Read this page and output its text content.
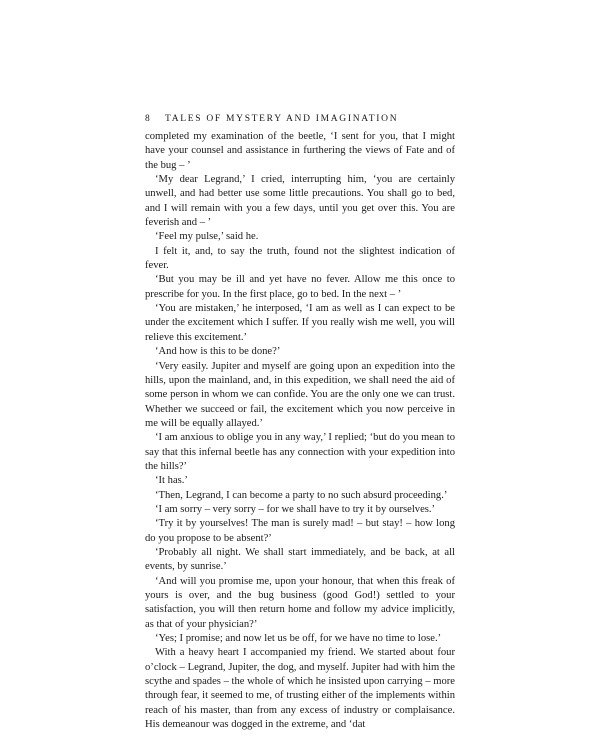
8 TALES OF MYSTERY AND IMAGINATION

completed my examination of the beetle, ‘I sent for you, that I might have your counsel and assistance in furthering the views of Fate and of the bug – ’

‘My dear Legrand,’ I cried, interrupting him, ‘you are certainly unwell, and had better use some little precautions. You shall go to bed, and I will remain with you a few days, until you get over this. You are feverish and – ’

‘Feel my pulse,’ said he.

I felt it, and, to say the truth, found not the slightest indication of fever.

‘But you may be ill and yet have no fever. Allow me this once to prescribe for you. In the first place, go to bed. In the next – ’

‘You are mistaken,’ he interposed, ‘I am as well as I can expect to be under the excitement which I suffer. If you really wish me well, you will relieve this excitement.’

‘And how is this to be done?’

‘Very easily. Jupiter and myself are going upon an expedition into the hills, upon the mainland, and, in this expedition, we shall need the aid of some person in whom we can confide. You are the only one we can trust. Whether we succeed or fail, the excitement which you now perceive in me will be equally allayed.’

‘I am anxious to oblige you in any way,’ I replied; ‘but do you mean to say that this infernal beetle has any connection with your expedition into the hills?’

‘It has.’

‘Then, Legrand, I can become a party to no such absurd proceeding.’

‘I am sorry – very sorry – for we shall have to try it by ourselves.’

‘Try it by yourselves! The man is surely mad! – but stay! – how long do you propose to be absent?’

‘Probably all night. We shall start immediately, and be back, at all events, by sunrise.’

‘And will you promise me, upon your honour, that when this freak of yours is over, and the bug business (good God!) settled to your satisfaction, you will then return home and follow my advice implicitly, as that of your physician?’

‘Yes; I promise; and now let us be off, for we have no time to lose.’

With a heavy heart I accompanied my friend. We started about four o’clock – Legrand, Jupiter, the dog, and myself. Jupiter had with him the scythe and spades – the whole of which he insisted upon carrying – more through fear, it seemed to me, of trusting either of the implements within reach of his master, than from any excess of industry or complaisance. His demeanour was dogged in the extreme, and ‘dat
